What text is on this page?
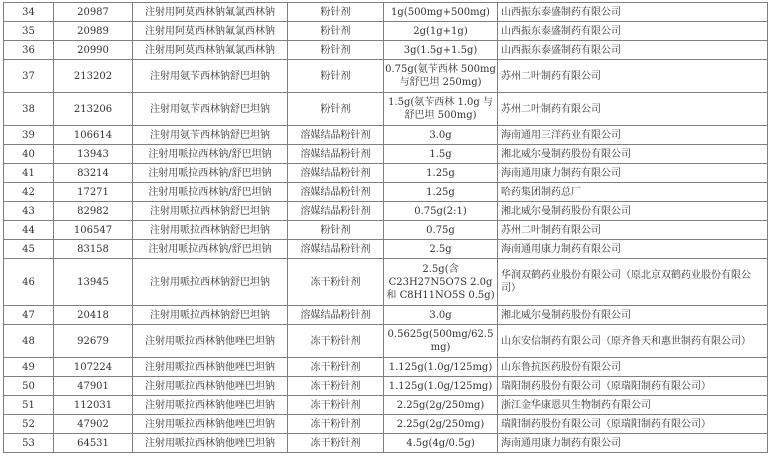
34	20987	注射用阿莫西林钠氟氯西林钠	粉针剂	1g(500mg+500mg)	山西振东泰盛制药有限公司
35	20989	注射用阿莫西林钠氟氯西林钠	粉针剂	2g(1g+1g)	山西振东泰盛制药有限公司
36	20990	注射用阿莫西林钠氟氯西林钠	粉针剂	3g(1.5g+1.5g)	山西振东泰盛制药有限公司
37	213202	注射用氨苄西林钠舒巴坦钠	粉针剂	0.75g(氨苄西林 500mg 与舒巴坦 250mg)	苏州二叶制药有限公司
38	213206	注射用氨苄西林钠舒巴坦钠	粉针剂	1.5g(氨苄西林 1.0g 与舒巴坦 500mg)	苏州二叶制药有限公司
39	106614	注射用氨苄西林钠舒巴坦钠	溶媒结晶粉针剂	3.0g	海南通用三洋药业有限公司
40	13943	注射用哌拉西林钠/舒巴坦钠	溶媒结晶粉针剂	1.5g	湘北威尔曼制药股份有限公司
41	83214	注射用哌拉西林钠/舒巴坦钠	溶媒结晶粉针剂	1.25g	海南通用康力制药有限公司
42	17271	注射用哌拉西林钠/舒巴坦钠	溶媒结晶粉针剂	1.25g	哈药集团制药总厂
43	82982	注射用哌拉西林钠舒巴坦钠	溶媒结晶粉针剂	0.75g(2:1)	湘北威尔曼制药股份有限公司
44	106547	注射用哌拉西林钠舒巴坦钠	粉针剂	0.75g	苏州二叶制药有限公司
45	83158	注射用哌拉西林钠/舒巴坦钠	溶媒结晶粉针剂	2.5g	海南通用康力制药有限公司
46	13945	注射用哌拉西林钠舒巴坦钠	冻干粉针剂	2.5g(含 C23H27N5O7S 2.0g 和 C8H11NO5S 0.5g)	华润双鹤药业股份有限公司（原北京双鹤药业股份有限公司）
47	20418	注射用哌拉西林钠舒巴坦钠	溶媒结晶粉针剂	3.0g	湘北威尔曼制药股份有限公司
48	92679	注射用哌拉西林钠他唑巴坦钠	冻干粉针剂	0.5625g(500mg/62.5mg)	山东安信制药有限公司（原齐鲁天和惠世制药有限公司）
49	107224	注射用哌拉西林钠他唑巴坦钠	冻干粉针剂	1.125g(1.0g/125mg)	山东鲁抗医药股份有限公司
50	47901	注射用哌拉西林钠他唑巴坦钠	冻干粉针剂	1.125g(1.0g/125mg)	瑞阳制药股份有限公司（原瑞阳制药有限公司）
51	112031	注射用哌拉西林钠他唑巴坦钠	冻干粉针剂	2.25g(2g/250mg)	浙江金华康恩贝生物制药有限公司
52	47902	注射用哌拉西林钠他唑巴坦钠	冻干粉针剂	2.25g(2g/250mg)	瑞阳制药股份有限公司（原瑞阳制药有限公司）
53	64531	注射用哌拉西林钠他唑巴坦钠	冻干粉针剂	4.5g(4g/0.5g)	海南通用康力制药有限公司
